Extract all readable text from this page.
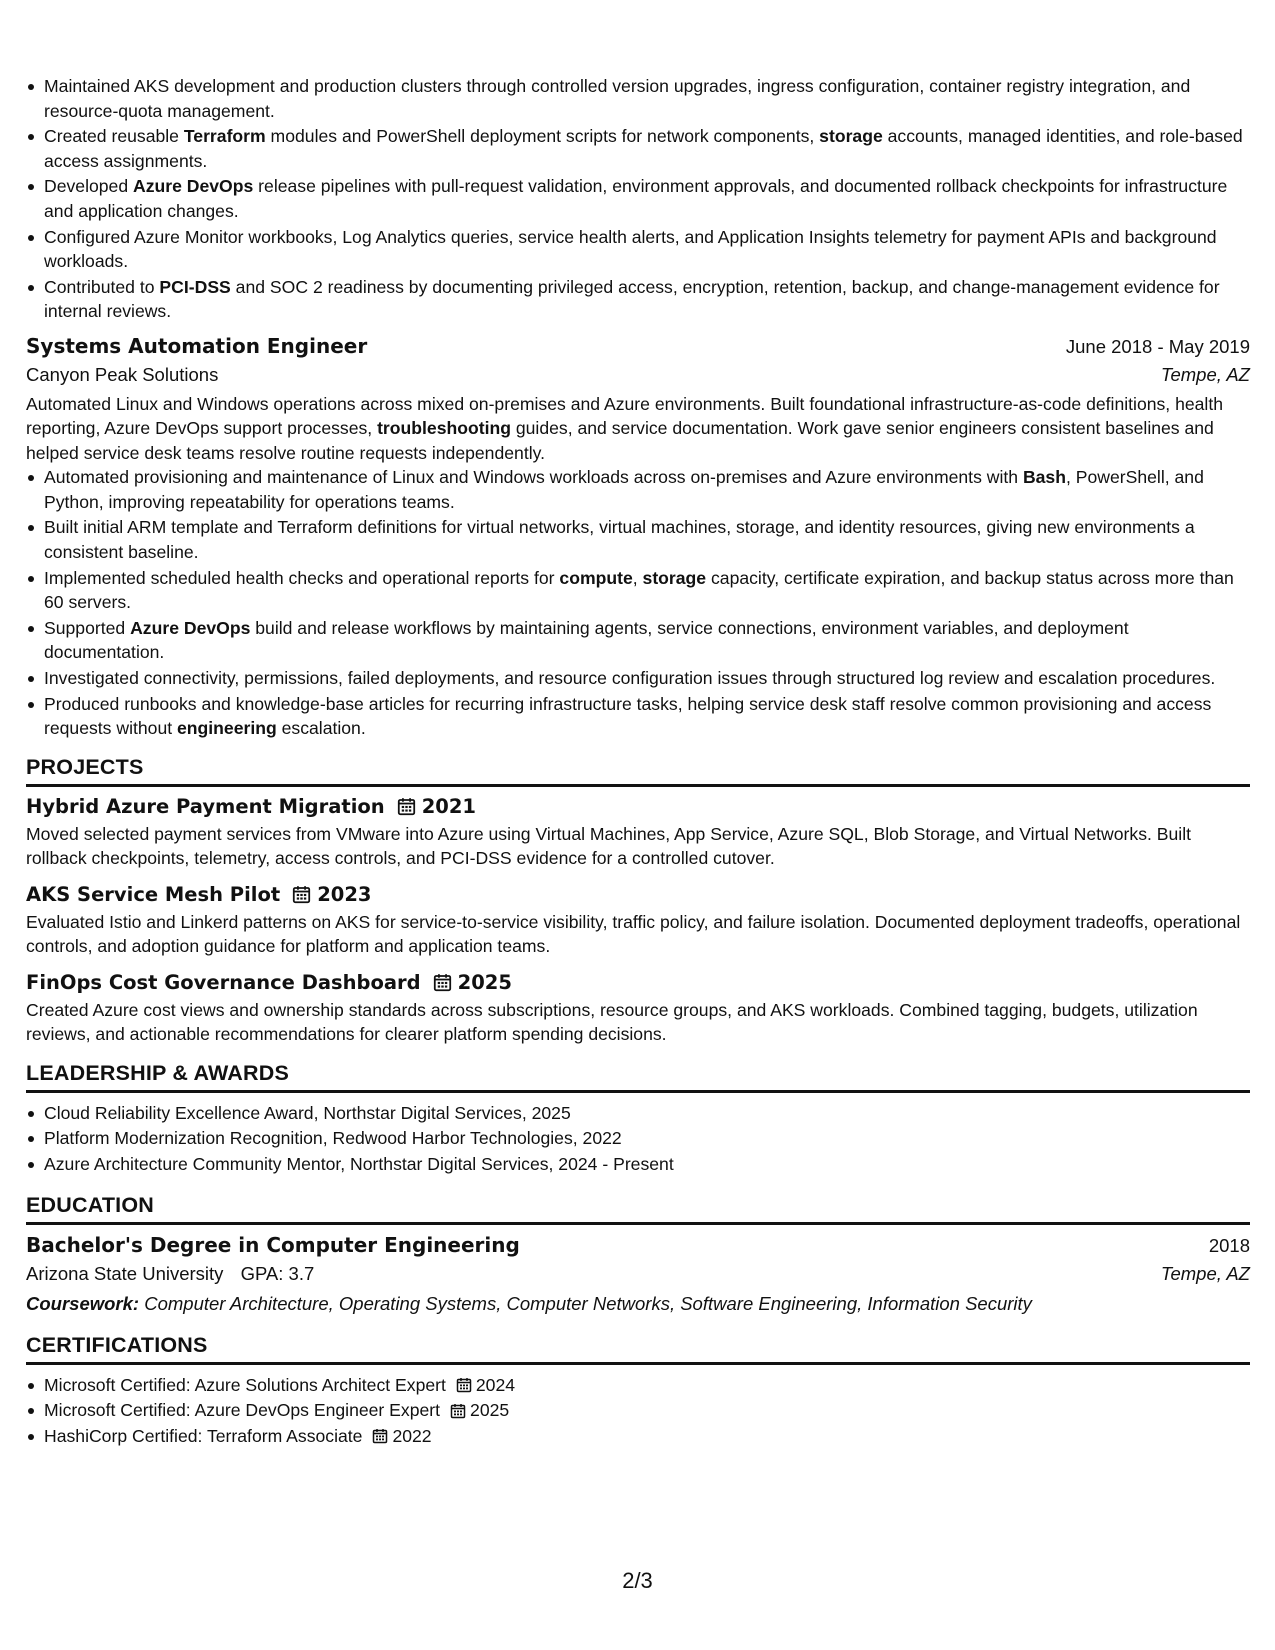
Maintained AKS development and production clusters through controlled version upgrades, ingress configuration, container registry integration, and resource-quota management.
Created reusable Terraform modules and PowerShell deployment scripts for network components, storage accounts, managed identities, and role-based access assignments.
Developed Azure DevOps release pipelines with pull-request validation, environment approvals, and documented rollback checkpoints for infrastructure and application changes.
Configured Azure Monitor workbooks, Log Analytics queries, service health alerts, and Application Insights telemetry for payment APIs and background workloads.
Contributed to PCI-DSS and SOC 2 readiness by documenting privileged access, encryption, retention, backup, and change-management evidence for internal reviews.
Systems Automation Engineer	June 2018 - May 2019
Canyon Peak Solutions	Tempe, AZ
Automated Linux and Windows operations across mixed on-premises and Azure environments. Built foundational infrastructure-as-code definitions, health reporting, Azure DevOps support processes, troubleshooting guides, and service documentation. Work gave senior engineers consistent baselines and helped service desk teams resolve routine requests independently.
Automated provisioning and maintenance of Linux and Windows workloads across on-premises and Azure environments with Bash, PowerShell, and Python, improving repeatability for operations teams.
Built initial ARM template and Terraform definitions for virtual networks, virtual machines, storage, and identity resources, giving new environments a consistent baseline.
Implemented scheduled health checks and operational reports for compute, storage capacity, certificate expiration, and backup status across more than 60 servers.
Supported Azure DevOps build and release workflows by maintaining agents, service connections, environment variables, and deployment documentation.
Investigated connectivity, permissions, failed deployments, and resource configuration issues through structured log review and escalation procedures.
Produced runbooks and knowledge-base articles for recurring infrastructure tasks, helping service desk staff resolve common provisioning and access requests without engineering escalation.
PROJECTS
Hybrid Azure Payment Migration 2021
Moved selected payment services from VMware into Azure using Virtual Machines, App Service, Azure SQL, Blob Storage, and Virtual Networks. Built rollback checkpoints, telemetry, access controls, and PCI-DSS evidence for a controlled cutover.
AKS Service Mesh Pilot 2023
Evaluated Istio and Linkerd patterns on AKS for service-to-service visibility, traffic policy, and failure isolation. Documented deployment tradeoffs, operational controls, and adoption guidance for platform and application teams.
FinOps Cost Governance Dashboard 2025
Created Azure cost views and ownership standards across subscriptions, resource groups, and AKS workloads. Combined tagging, budgets, utilization reviews, and actionable recommendations for clearer platform spending decisions.
LEADERSHIP & AWARDS
Cloud Reliability Excellence Award, Northstar Digital Services, 2025
Platform Modernization Recognition, Redwood Harbor Technologies, 2022
Azure Architecture Community Mentor, Northstar Digital Services, 2024 - Present
EDUCATION
Bachelor's Degree in Computer Engineering	2018
Arizona State University GPA: 3.7	Tempe, AZ
Coursework: Computer Architecture, Operating Systems, Computer Networks, Software Engineering, Information Security
CERTIFICATIONS
Microsoft Certified: Azure Solutions Architect Expert 2024
Microsoft Certified: Azure DevOps Engineer Expert 2025
HashiCorp Certified: Terraform Associate 2022
2/3
